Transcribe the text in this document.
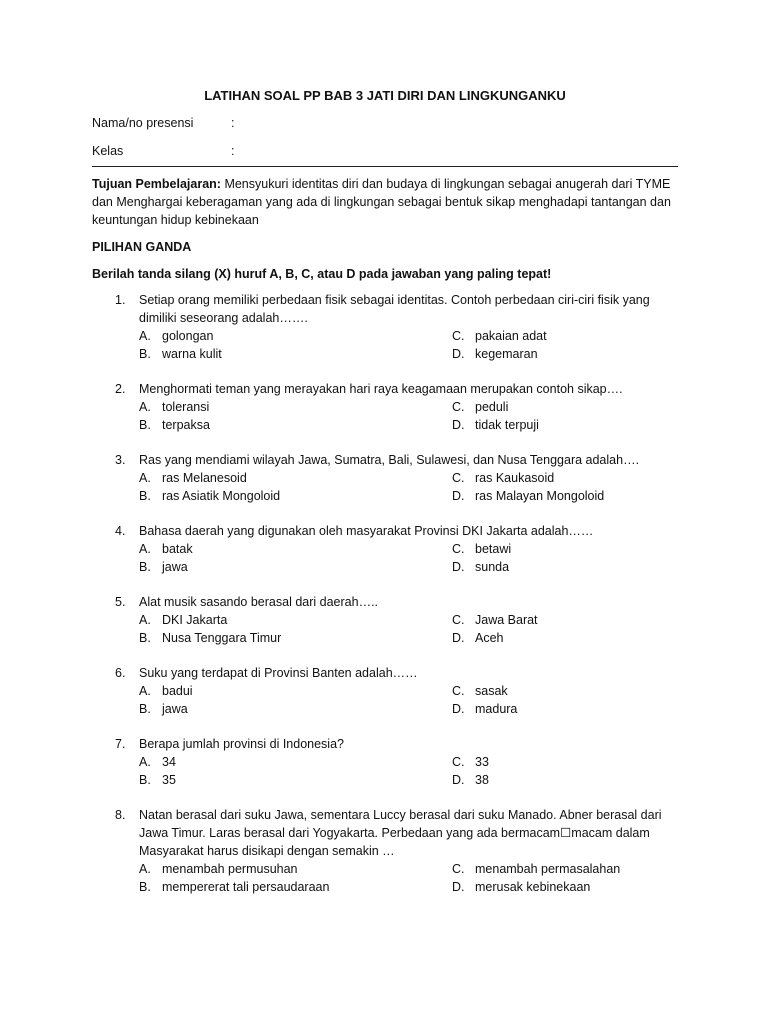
LATIHAN SOAL PP BAB 3 JATI DIRI DAN LINGKUNGANKU
Nama/no presensi	:
Kelas	:

Tujuan Pembelajaran: Mensyukuri identitas diri dan budaya di lingkungan sebagai anugerah dari TYME dan Menghargai keberagaman yang ada di lingkungan sebagai bentuk sikap menghadapi tantangan dan keuntungan hidup kebinekaan

PILIHAN GANDA
Berilah tanda silang (X) huruf A, B, C, atau D pada jawaban yang paling tepat!
1.	Setiap orang memiliki perbedaan fisik sebagai identitas. Contoh perbedaan ciri-ciri fisik yang dimiliki seseorang adalah…….
A. golongan	C. pakaian adat
B. warna kulit	D. kegemaran
2.	Menghormati teman yang merayakan hari raya keagamaan merupakan contoh sikap….
A. toleransi	C. peduli
B. terpaksa	D. tidak terpuji
3.	Ras yang mendiami wilayah Jawa, Sumatra, Bali, Sulawesi, dan Nusa Tenggara adalah….
A. ras Melanesoid	C. ras Kaukasoid
B. ras Asiatik Mongoloid	D. ras Malayan Mongoloid
4.	Bahasa daerah yang digunakan oleh masyarakat Provinsi DKI Jakarta adalah……
A. batak	C. betawi
B. jawa	D. sunda
5.	Alat musik sasando berasal dari daerah…..
A. DKI Jakarta	C. Jawa Barat
B. Nusa Tenggara Timur	D. Aceh
6.	Suku yang terdapat di Provinsi Banten adalah……
A. badui	C. sasak
B. jawa	D. madura
7.	Berapa jumlah provinsi di Indonesia?
A. 34	C. 33
B. 35	D. 38
8.	Natan berasal dari suku Jawa, sementara Luccy berasal dari suku Manado. Abner berasal dari Jawa Timur. Laras berasal dari Yogyakarta. Perbedaan yang ada bermacam☐macam dalam Masyarakat harus disikapi dengan semakin …
A. menambah permusuhan	C. menambah permasalahan
B. mempererat tali persaudaraan	D. merusak kebinekaan
